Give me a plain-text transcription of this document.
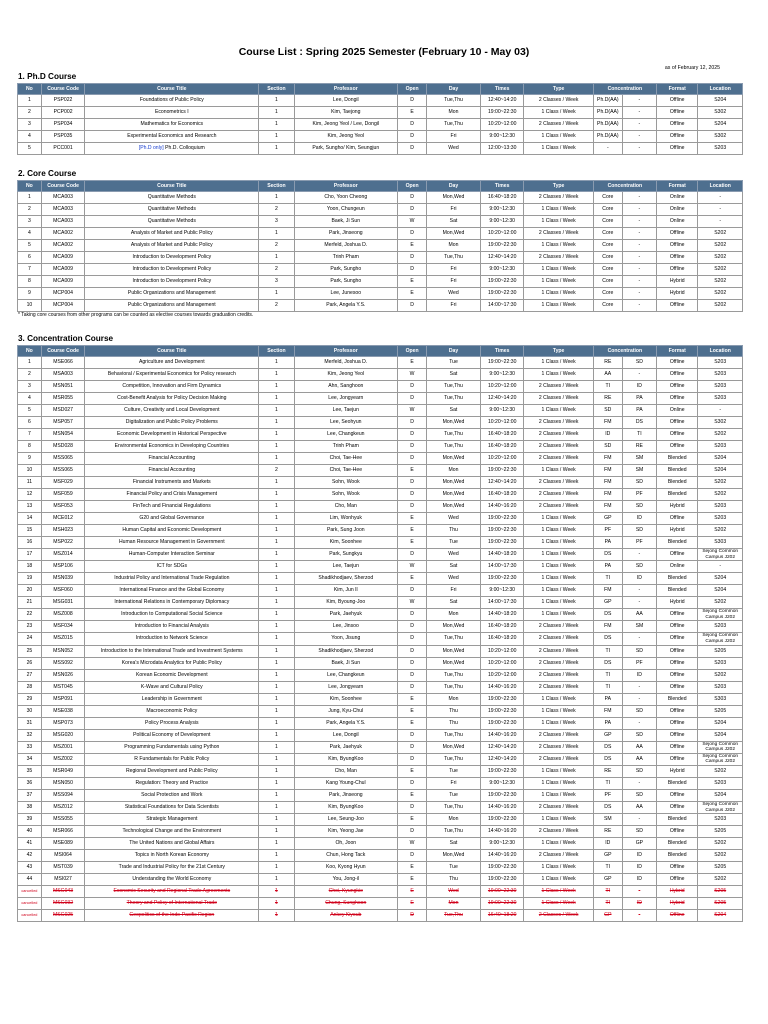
Course List : Spring 2025 Semester (February 10 - May 03)
as of February 12, 2025
1. Ph.D Course
No	Course Code	Course Title	Section	Professor	Open	Day	Times	Type	Concentration		Format	Location
1	PSP022	Foundations of Public Policy	1	Lee, Dongil	D	Tue,Thu	12:40~14:20	2 Classes / Week	Ph.D(AA)	-	Offline	S204
2	PCP002	Econometrics I	1	Kim, Taejong	E	Mon	19:00~22:30	1 Class / Week	Ph.D(AA)	-	Offline	S302
3	PSP034	Mathematics for Economics	1	Kim, Jeong Yeol / Lee, Dongil	D	Tue,Thu	10:20~12:00	2 Classes / Week	Ph.D(AA)	-	Offline	S204
4	PSP035	Experimental Economics and Research	1	Kim, Jeong Yeol	D	Fri	9:00~12:30	1 Class / Week	Ph.D(AA)	-	Offline	S302
5	PCC001	[Ph.D only] Ph.D. Colloquium	1	Park, Sungho/ Kim, Seungjun	D	Wed	12:00~13:30	1 Class / Week	-	-	Offline	S203
2. Core Course
No	Course Code	Course Title	Section	Professor	Open	Day	Times	Type	Concentration		Format	Location
1	MCA003	Quantitative Methods	1	Cho, Yoon Cheong	D	Mon,Wed	16:40~18:20	2 Classes / Week	Core	-	Online	-
2	MCA003	Quantitative Methods	2	Yoon, Chungeun	D	Fri	9:00~12:30	1 Class / Week	Core	-	Online	-
3	MCA003	Quantitative Methods	3	Baek, Ji Sun	W	Sat	9:00~12:30	1 Class / Week	Core	-	Online	-
4	MCA002	Analysis of Market and Public Policy	1	Park, Jinseong	D	Mon,Wed	10:20~12:00	2 Classes / Week	Core	-	Offline	S202
5	MCA002	Analysis of Market and Public Policy	2	Merfeld, Joshua D.	E	Mon	19:00~22:30	1 Class / Week	Core	-	Offline	S202
6	MCA009	Introduction to Development Policy	1	Trinh Pham	D	Tue,Thu	12:40~14:20	2 Classes / Week	Core	-	Offline	S202
7	MCA009	Introduction to Development Policy	2	Park, Sungho	D	Fri	9:00~12:30	1 Class / Week	Core	-	Offline	S202
8	MCA009	Introduction to Development Policy	3	Park, Sungho	E	Fri	19:00~22:30	1 Class / Week	Core	-	Hybrid	S202
9	MCP004	Public Organizations and Management	1	Lee, Junesoo	E	Wed	19:00~22:30	1 Class / Week	Core	-	Hybrid	S202
10	MCP004	Public Organizations and Management	2	Park, Angela Y.S.	D	Fri	14:00~17:30	1 Class / Week	Core	-	Offline	S202
* Taking core courses from other programs can be counted as elective courses towards graduation credits.
3. Concentration Course
No	Course Code	Course Title	Section	Professor	Open	Day	Times	Type	Concentration		Format	Location
1	MSE066	Agriculture and Development	1	Merfeld, Joshua D.	E	Tue	19:00~22:30	1 Class / Week	RE	SD	Offline	S203
2	MSA003	Behavioral / Experimental Economics for Policy research	1	Kim, Jeong Yeol	W	Sat	9:00~12:30	1 Class / Week	AA	-	Offline	S203
3	MSN051	Competition, Innovation and Firm Dynamics	1	Ahn, Sanghoon	D	Tue,Thu	10:20~12:00	2 Classes / Week	TI	ID	Offline	S203
4	MSR055	Cost-Benefit Analysis for Policy Decision Making	1	Lee, Jongyearn	D	Tue,Thu	12:40~14:20	2 Classes / Week	RE	PA	Offline	S203
5	MSD027	Culture, Creativity and Local Development	1	Lee, Taejun	W	Sat	9:00~12:30	1 Class / Week	SD	PA	Online	-
6	MSP057	Digitalization and Public Policy Problems	1	Lee, Seohyun	D	Mon,Wed	10:20~12:00	2 Classes / Week	FM	DS	Offline	S302
7	MSN054	Economic Development in Historical Perspective	1	Lee, Changkeun	D	Tue,Thu	16:40~18:20	2 Classes / Week	ID	TI	Offline	S202
8	MSD028	Environmental Economics in Developing Countries	1	Trinh Pham	D	Tue,Thu	16:40~18:20	2 Classes / Week	SD	RE	Offline	S203
9	MSS065	Financial Accounting	1	Choi, Tae-Hee	D	Mon,Wed	10:20~12:00	2 Classes / Week	FM	SM	Blended	S204
10	MSS065	Financial Accounting	2	Choi, Tae-Hee	E	Mon	19:00~22:30	1 Class / Week	FM	SM	Blended	S204
11	MSF029	Financial Instruments and Markets	1	Sohn, Wook	D	Mon,Wed	12:40~14:20	2 Classes / Week	FM	SD	Blended	S202
12	MSF059	Financial Policy and Crisis Management	1	Sohn, Wook	D	Mon,Wed	16:40~18:20	2 Classes / Week	FM	PF	Blended	S202
13	MSF053	FinTech and Financial Regulations	1	Cho, Man	D	Mon,Wed	14:40~16:20	2 Classes / Week	FM	SD	Hybrid	S203
14	MCE012	G20 and Global Governance	1	Lim, Wonhyuk	E	Wed	19:00~22:30	1 Class / Week	GP	ID	Offline	S203
15	MSH023	Human Capital and Economic Development	1	Park, Sung Joon	E	Thu	19:00~22:30	1 Class / Week	PF	SD	Hybrid	S202
16	MSP022	Human Resource Management in Government	1	Kim, Soonhee	E	Tue	19:00~22:30	1 Class / Week	PA	PF	Blended	S303
17	MSZ014	Human-Computer Interaction Seminar	1	Park, Sungkyu	D	Wed	14:40~18:20	1 Class / Week	DS	-	Offline	Sejong Common Campus J202
18	MSP106	ICT for SDGs	1	Lee, Taejun	W	Sat	14:00~17:30	1 Class / Week	PA	SD	Online	-
19	MSN039	Industrial Policy and International Trade Regulation	1	Shadikhodjaev, Sherzod	E	Wed	19:00~22:30	1 Class / Week	TI	ID	Blended	S204
20	MSF060	International Finance and the Global Economy	1	Kim, Jun Il	D	Fri	9:00~12:30	1 Class / Week	FM	-	Blended	S204
21	MSG031	International Relations in Contemporary Diplomacy	1	Kim, Byoung-Joo	W	Sat	14:00~17:30	1 Class / Week	GP	-	Hybrid	S202
22	MSZ008	Introduction to Computational Social Science	1	Park, Jaehyuk	D	Mon	14:40~18:20	1 Class / Week	DS	AA	Offline	Sejong Common Campus J202
23	MSF034	Introduction to Financial Analysis	1	Lee, Jinsoo	D	Mon,Wed	16:40~18:20	2 Classes / Week	FM	SM	Offline	S203
24	MSZ015	Introduction to Network Science	1	Yoon, Jisung	D	Tue,Thu	16:40~18:20	2 Classes / Week	DS	-	Offline	Sejong Common Campus J202
25	MSN052	Introduction to the International Trade and Investment Systems	1	Shadikhodjaev, Sherzod	D	Mon,Wed	10:20~12:00	2 Classes / Week	TI	SD	Offline	S205
26	MSS092	Korea's Microdata Analytics for Public Policy	1	Baek, Ji Sun	D	Mon,Wed	10:20~12:00	2 Classes / Week	DS	PF	Offline	S203
27	MSN026	Korean Economic Development	1	Lee, Changkeun	D	Tue,Thu	10:20~12:00	2 Classes / Week	TI	ID	Offline	S202
28	MST045	K-Wave and Cultural Policy	1	Lee, Jongyearn	D	Tue,Thu	14:40~16:20	2 Classes / Week	TI	-	Offline	S203
29	MSP091	Leadership in Government	1	Kim, Soonhee	E	Mon	19:00~22:30	1 Class / Week	PA	-	Blended	S303
30	MSE038	Macroeconomic Policy	1	Jung, Kyu-Chul	E	Thu	19:00~22:30	1 Class / Week	FM	SD	Offline	S205
31	MSP073	Policy Process Analysis	1	Park, Angela Y.S.	E	Thu	19:00~22:30	1 Class / Week	PA	-	Offline	S204
32	MSG020	Political Economy of Development	1	Lee, Dongil	D	Tue,Thu	14:40~16:20	2 Classes / Week	GP	SD	Offline	S204
33	MSZ001	Programming Fundamentals using Python	1	Park, Jaehyuk	D	Mon,Wed	12:40~14:20	2 Classes / Week	DS	AA	Offline	Sejong Common Campus J202
34	MSZ002	R Fundamentals for Public Policy	1	Kim, ByungKoo	D	Tue,Thu	12:40~14:20	2 Classes / Week	DS	AA	Offline	Sejong Common Campus J202
35	MSR049	Regional Development and Public Policy	1	Cho, Man	E	Tue	19:00~22:30	1 Class / Week	RE	SD	Hybrid	S202
36	MSN050	Regulation: Theory and Practice	1	Kang Young-Chul	D	Fri	9:00~12:30	1 Class / Week	TI	-	Blended	S203
37	MSS094	Social Protection and Work	1	Park, Jinseong	E	Tue	19:00~22:30	1 Class / Week	PF	SD	Offline	S204
38	MSZ012	Statistical Foundations for Data Scientists	1	Kim, ByungKoo	D	Tue,Thu	14:40~16:20	2 Classes / Week	DS	AA	Offline	Sejong Common Campus J202
39	MSS055	Strategic Management	1	Lee, Seung-Joo	E	Mon	19:00~22:30	1 Class / Week	SM	-	Blended	S203
40	MSR066	Technological Change and the Environment	1	Kim, Yeong Jae	D	Tue,Thu	14:40~16:20	2 Classes / Week	RE	SD	Offline	S205
41	MSE089	The United Nations and Global Affairs	1	Oh, Joon	W	Sat	9:00~12:30	1 Class / Week	ID	GP	Blended	S202
42	MSI064	Topics in North Korean Economy	1	Chun, Hong Tack	D	Mon,Wed	14:40~16:20	2 Classes / Week	GP	ID	Blended	S202
43	MST039	Trade and Industrial Policy for the 21st Century	1	Koo, Kyong Hyun	E	Tue	19:00~22:30	1 Class / Week	TI	ID	Offline	S205
44	MSI027	Understanding the World Economy	1	You, Jong-il	E	Thu	19:00~22:30	1 Class / Week	GP	ID	Offline	S202
cancelled	MSG043	Economic Security and Regional Trade Agreements	1	Choi, Kyungkie	E	Wed	19:00~22:30	1 Class / Week	TI	-	Hybrid	S205
cancelled	MSG032	Theory and Policy of International Trade	1	Chung, Sunghoon	E	Mon	19:00~22:30	1 Class / Week	TI	ID	Hybrid	S205
cancelled	MSG025	Geopolitics of the Indo-Pacific Region	1	Ankey Kiyoub	D	Tue,Thu	16:40~18:20	2 Classes / Week	GP	-	Offline	S204
